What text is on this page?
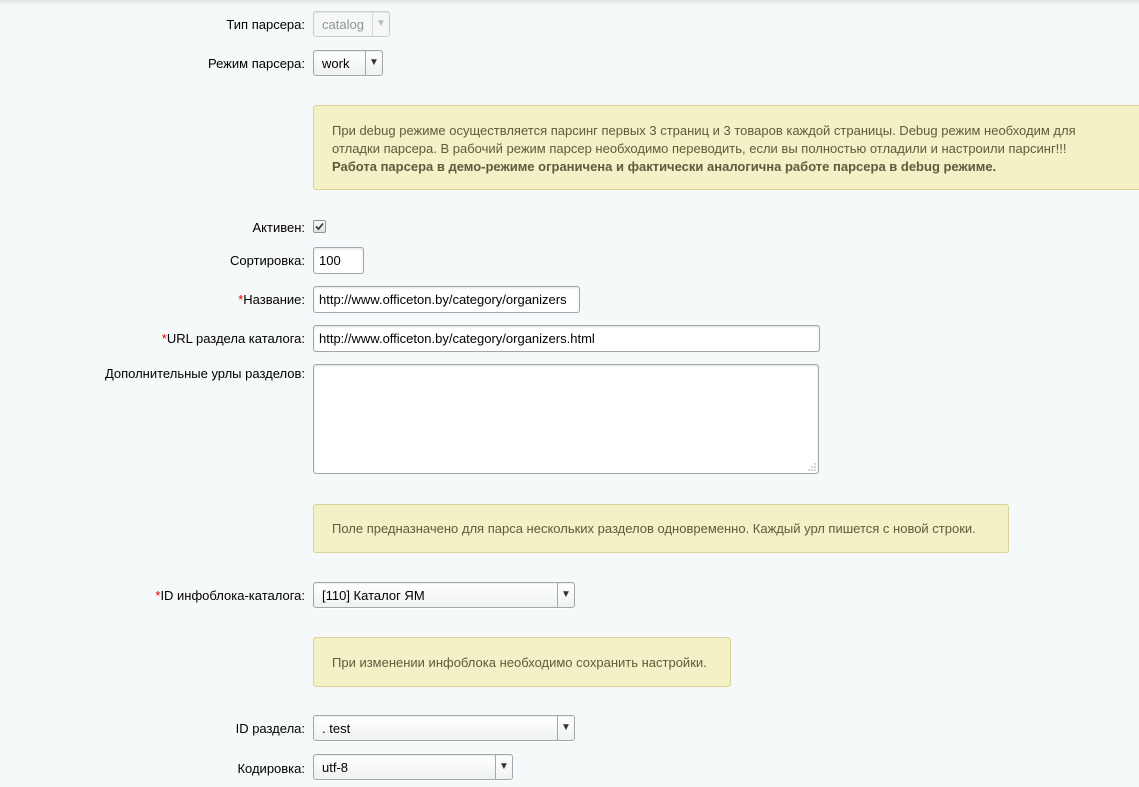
Тип парсера: catalog	▼
Режим парсера: work	▼
При debug режиме осуществляется парсинг первых 3 страниц и 3 товаров каждой страницы. Debug режим необходим для
отладки парсера. В рабочий режим парсер необходимо переводить, если вы полностью отладили и настроили парсинг!!!
Работа парсера в демо-режиме ограничена и фактически аналогична работе парсера в debug режиме.
Активен:
Сортировка:	100
*Название:	http://www.officeton.by/category/organizers
*URL раздела каталога:	http://www.officeton.by/category/organizers.html
Дополнительные урлы разделов:
Поле предназначено для парса нескольких разделов одновременно. Каждый урл пишется с новой строки.
*ID инфоблока-каталога: [110] Каталог ЯМ	▼
При изменении инфоблока необходимо сохранить настройки.
ID раздела: . test	▼
Кодировка: utf-8	▼
